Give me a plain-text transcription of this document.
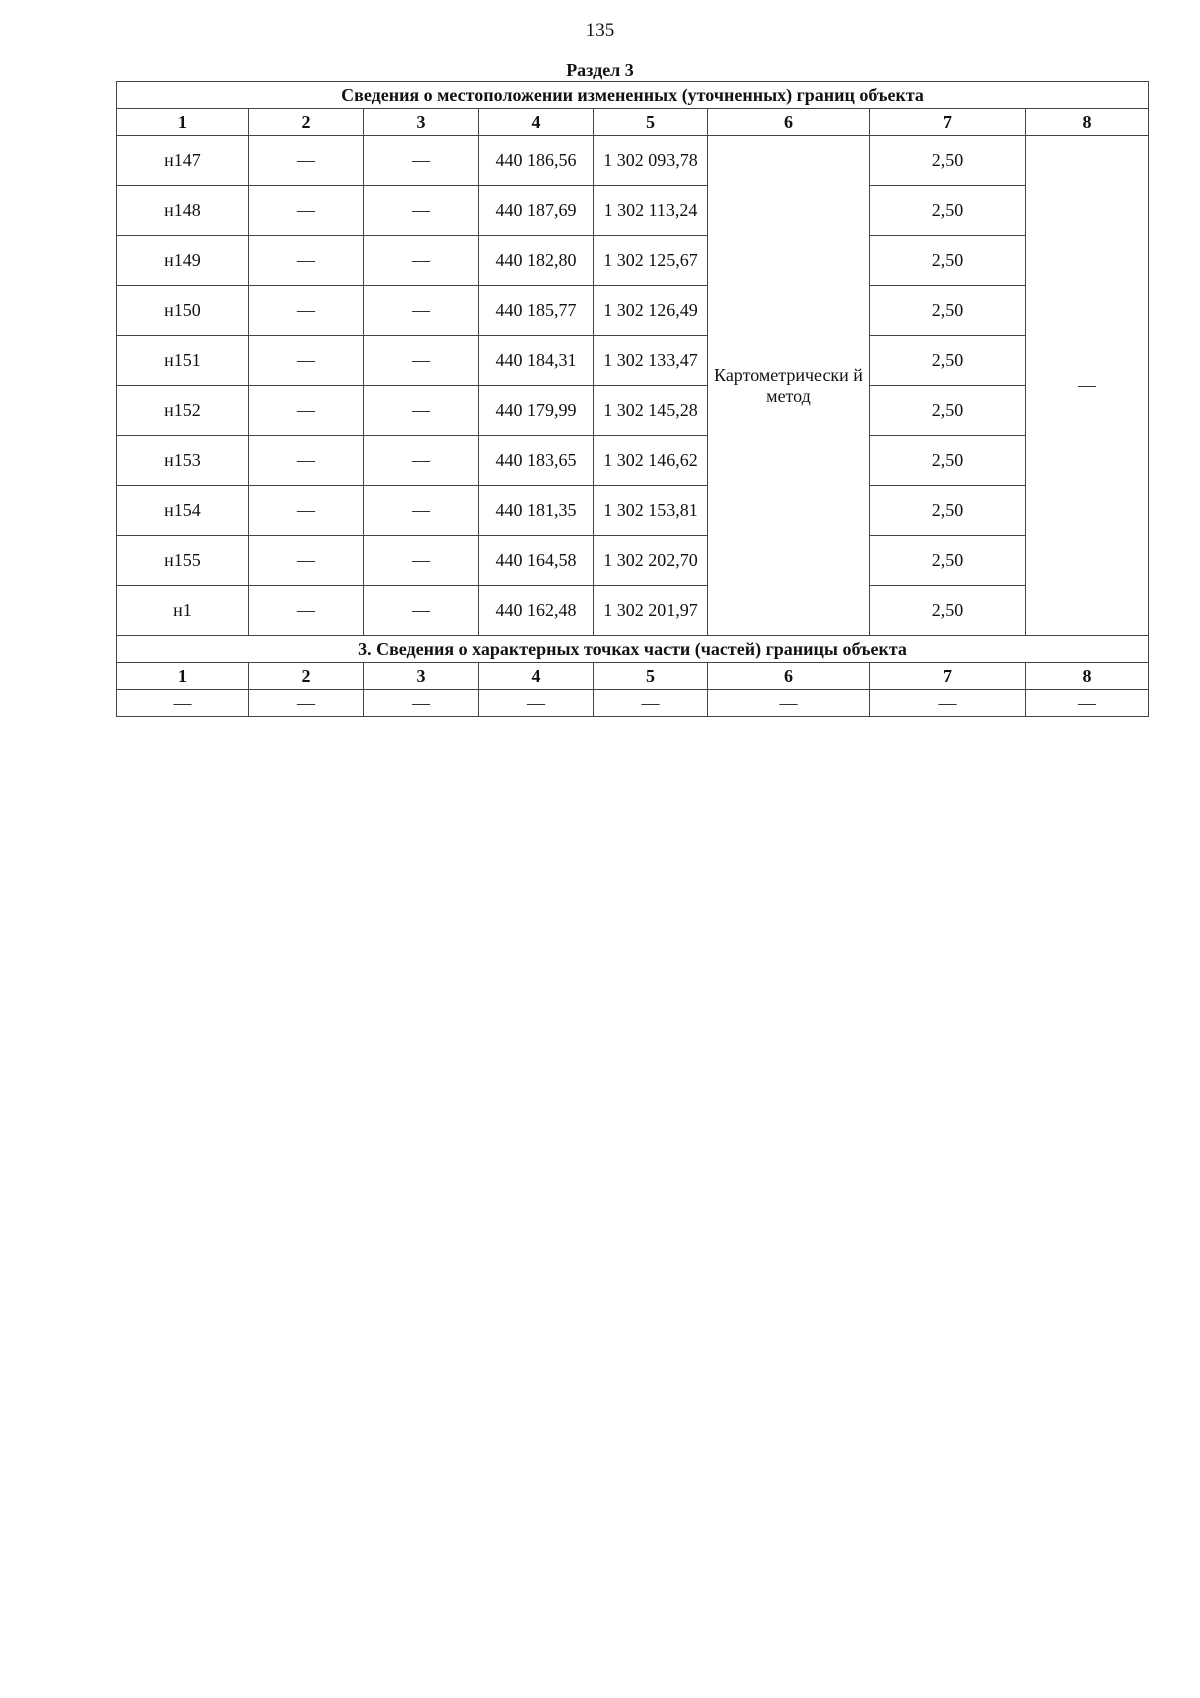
135
Раздел 3
Сведения о местоположении измененных (уточненных) границ объекта							
1	2	3	4	5	6	7	8
н147	—	—	440 186,56	1 302 093,78	Картометрически й метод	2,50	—
н148	—	—	440 187,69	1 302 113,24		2,50	
н149	—	—	440 182,80	1 302 125,67		2,50	
н150	—	—	440 185,77	1 302 126,49		2,50	
н151	—	—	440 184,31	1 302 133,47		2,50	
н152	—	—	440 179,99	1 302 145,28		2,50	
н153	—	—	440 183,65	1 302 146,62		2,50	
н154	—	—	440 181,35	1 302 153,81		2,50	
н155	—	—	440 164,58	1 302 202,70		2,50	
н1	—	—	440 162,48	1 302 201,97		2,50	
3. Сведения о характерных точках части (частей) границы объекта							
1	2	3	4	5	6	7	8
—	—	—	—	—	—	—	—
